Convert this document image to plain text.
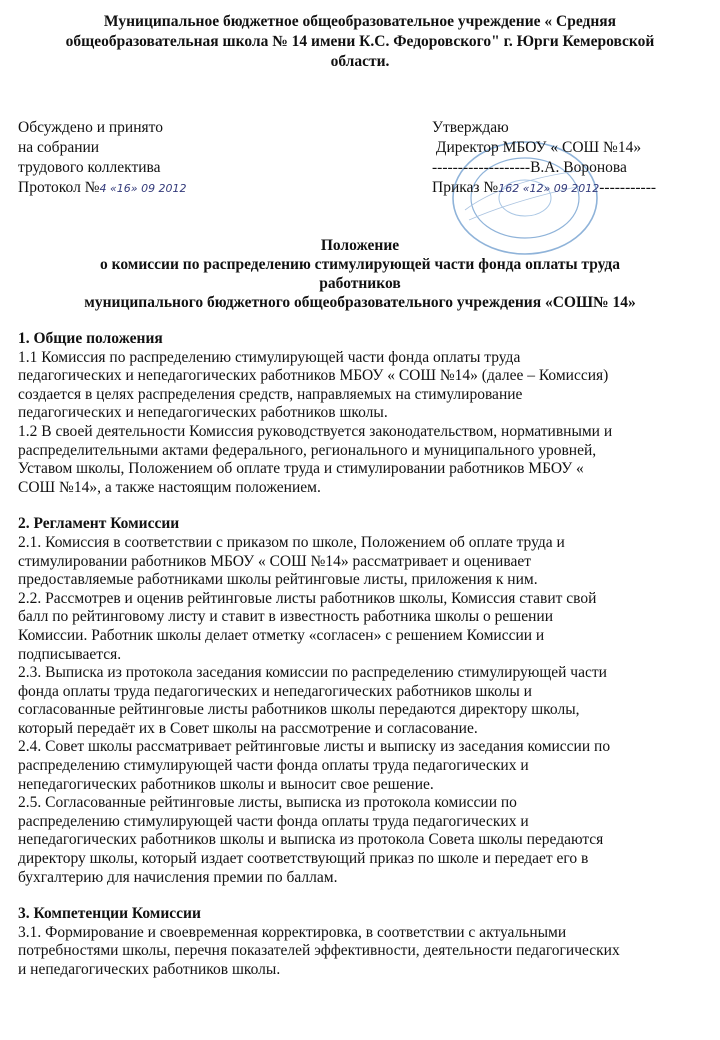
Муниципальное бюджетное общеобразовательное учреждение « Средняя
общеобразовательная школа № 14 имени К.С. Федоровского" г. Юрги Кемеровской
области.
Обсуждено и принято
на собрании
трудового коллектива
Протокол №4 «16» 09 2012
Утверждаю
Директор МБОУ « СОШ №14»
-------------------В.А. Воронова
Приказ №162 «12» 09 2012-----------
Положение
о комиссии по распределению стимулирующей части фонда оплаты труда
работников
муниципального бюджетного общеобразовательного учреждения «СОШ№ 14»
1. Общие положения
1.1 Комиссия по распределению стимулирующей части фонда оплаты труда
педагогических и непедагогических работников МБОУ « СОШ №14» (далее – Комиссия)
создается в целях распределения средств, направляемых на стимулирование
педагогических и непедагогических работников школы.
1.2 В своей деятельности Комиссия руководствуется законодательством, нормативными и
распределительными актами федерального, регионального и муниципального уровней,
Уставом школы, Положением об оплате труда и стимулировании работников МБОУ «
СОШ №14», а также настоящим положением.
2. Регламент Комиссии
2.1. Комиссия в соответствии с приказом по школе, Положением об оплате труда и
стимулировании работников МБОУ « СОШ №14» рассматривает и оценивает
предоставляемые работниками школы рейтинговые листы, приложения к ним.
2.2. Рассмотрев и оценив рейтинговые листы работников школы, Комиссия ставит свой
балл по рейтинговому листу и ставит в известность работника школы о решении
Комиссии. Работник школы делает отметку «согласен» с решением Комиссии и
подписывается.
2.3. Выписка из протокола заседания комиссии по распределению стимулирующей части
фонда оплаты труда педагогических и непедагогических работников школы и
согласованные рейтинговые листы работников школы передаются директору школы,
который передаёт их в Совет школы на рассмотрение и согласование.
2.4. Совет школы рассматривает рейтинговые листы и выписку из заседания комиссии по
распределению стимулирующей части фонда оплаты труда педагогических и
непедагогических работников школы и выносит свое решение.
2.5. Согласованные рейтинговые листы, выписка из протокола комиссии по
распределению стимулирующей части фонда оплаты труда педагогических и
непедагогических работников школы и выписка из протокола Совета школы передаются
директору школы, который издает соответствующий приказ по школе и передает его в
бухгалтерию для начисления премии по баллам.
3. Компетенции Комиссии
3.1. Формирование и своевременная корректировка, в соответствии с актуальными
потребностями школы, перечня показателей эффективности, деятельности педагогических
и непедагогических работников школы.
